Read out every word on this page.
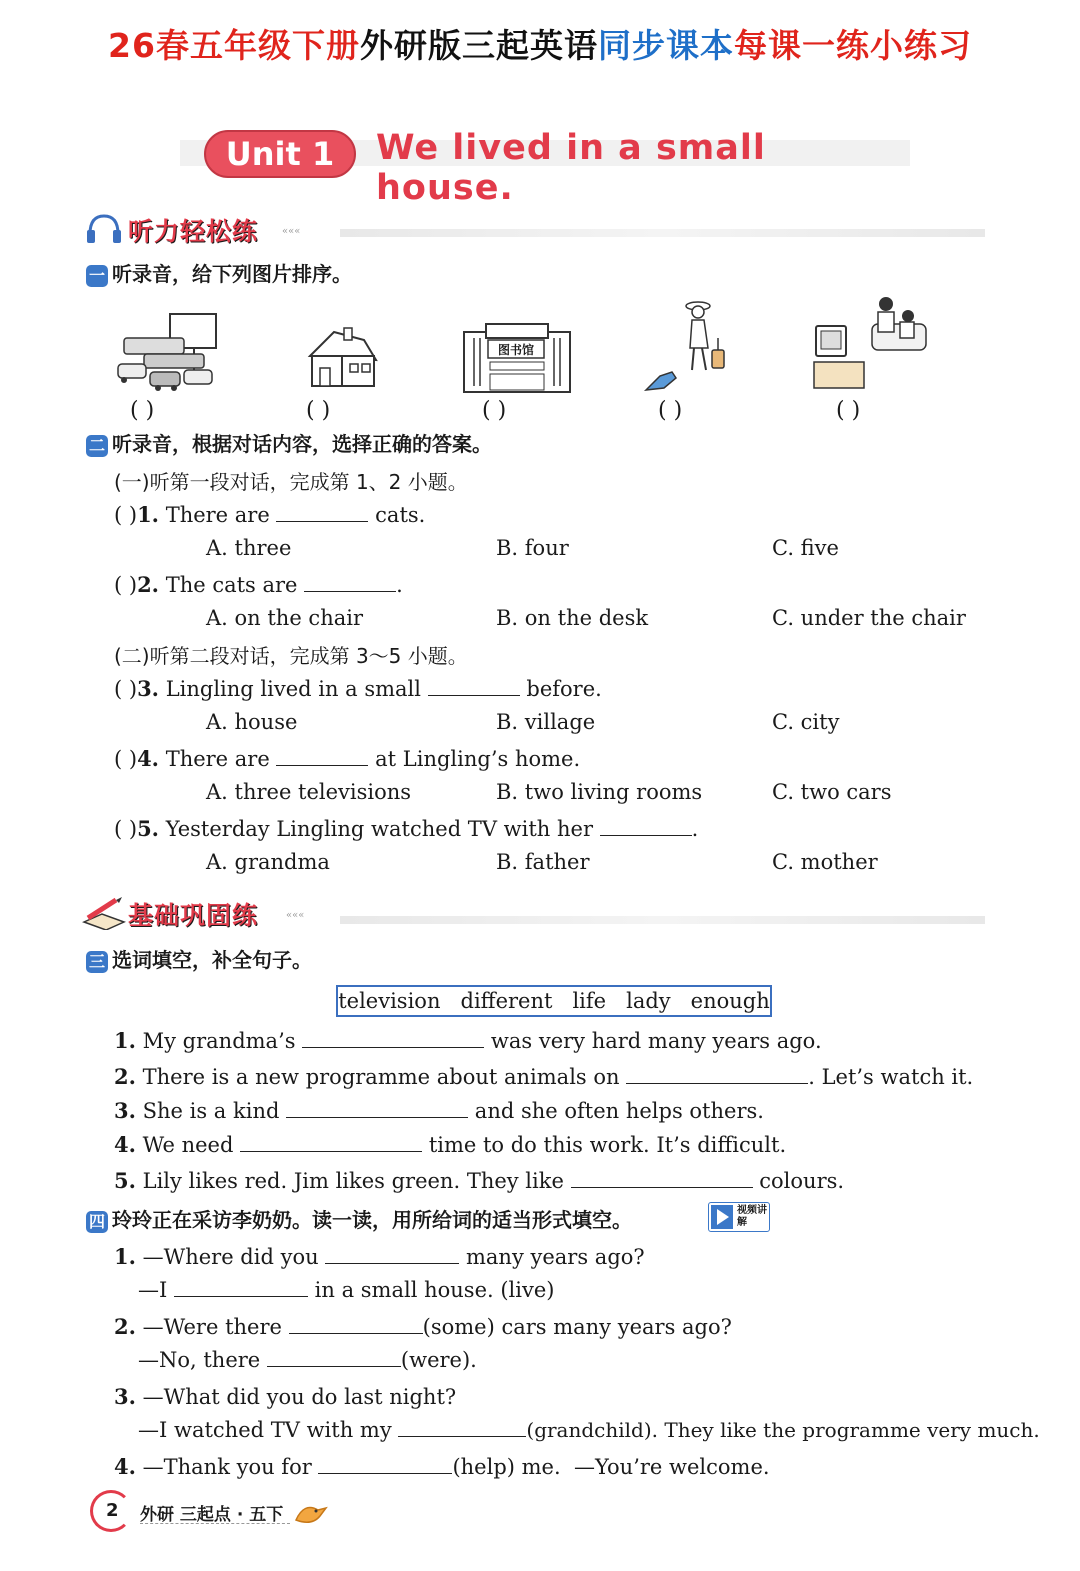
26春五年级下册外研版三起英语同步课本每课一练小练习
Unit 1	We lived in a small house.
听力轻松练 «««
一 听录音，给下列图片排序。
图书馆
( )	( )	( )	( )	( )
二 听录音，根据对话内容，选择正确的答案。
(一)听第一段对话，完成第 1、2 小题。
( )1. There are	cats.
A. three	B. four	C. five
( )2. The cats are	.
A. on the chair	B. on the desk	C. under the chair
(二)听第二段对话，完成第 3～5 小题。
( )3. Lingling lived in a small	before.
A. house	B. village	C. city
( )4. There are	at Lingling’s home.
A. three televisions	B. two living rooms	C. two cars
( )5. Yesterday Lingling watched TV with her	.
A. grandma	B. father	C. mother
基础巩固练	«««
三 选词填空，补全句子。
television   different   life   lady   enough
1. My grandma’s	was very hard many years ago.
2. There is a new programme about animals on	. Let’s watch it.
3. She is a kind	and she often helps others.
4. We need	time to do this work. It’s difficult.
5. Lily likes red. Jim likes green. They like	colours.
四 玲玲正在采访李奶奶。读一读，用所给词的适当形式填空。	视频讲解
1. —Where did you	many years ago?
—I	in a small house. (live)
2. —Were there	(some) cars many years ago?
—No, there	(were).
3. —What did you do last night?
—I watched TV with my	(grandchild). They like the programme very much.
4. —Thank you for	(help) me.  —You’re welcome.
2 外研 三起点 · 五下
